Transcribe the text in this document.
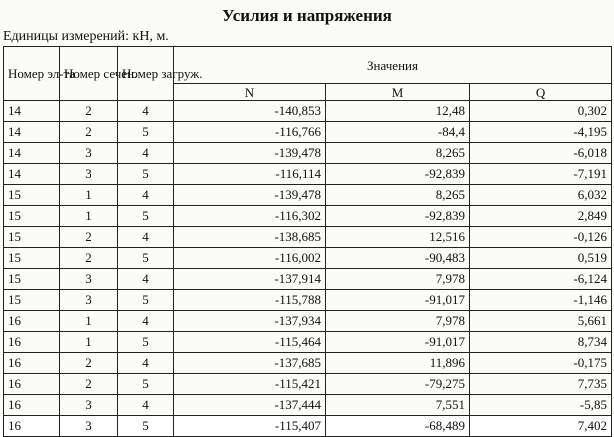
Усилия и напряжения
Единицы измерений: кН, м.
Номер эл-та	Номер сечен.	Номер загруж.	Значения		
			N	M	Q
14	2	4	-140,853	12,48	0,302
14	2	5	-116,766	-84,4	-4,195
14	3	4	-139,478	8,265	-6,018
14	3	5	-116,114	-92,839	-7,191
15	1	4	-139,478	8,265	6,032
15	1	5	-116,302	-92,839	2,849
15	2	4	-138,685	12,516	-0,126
15	2	5	-116,002	-90,483	0,519
15	3	4	-137,914	7,978	-6,124
15	3	5	-115,788	-91,017	-1,146
16	1	4	-137,934	7,978	5,661
16	1	5	-115,464	-91,017	8,734
16	2	4	-137,685	11,896	-0,175
16	2	5	-115,421	-79,275	7,735
16	3	4	-137,444	7,551	-5,85
16	3	5	-115,407	-68,489	7,402
